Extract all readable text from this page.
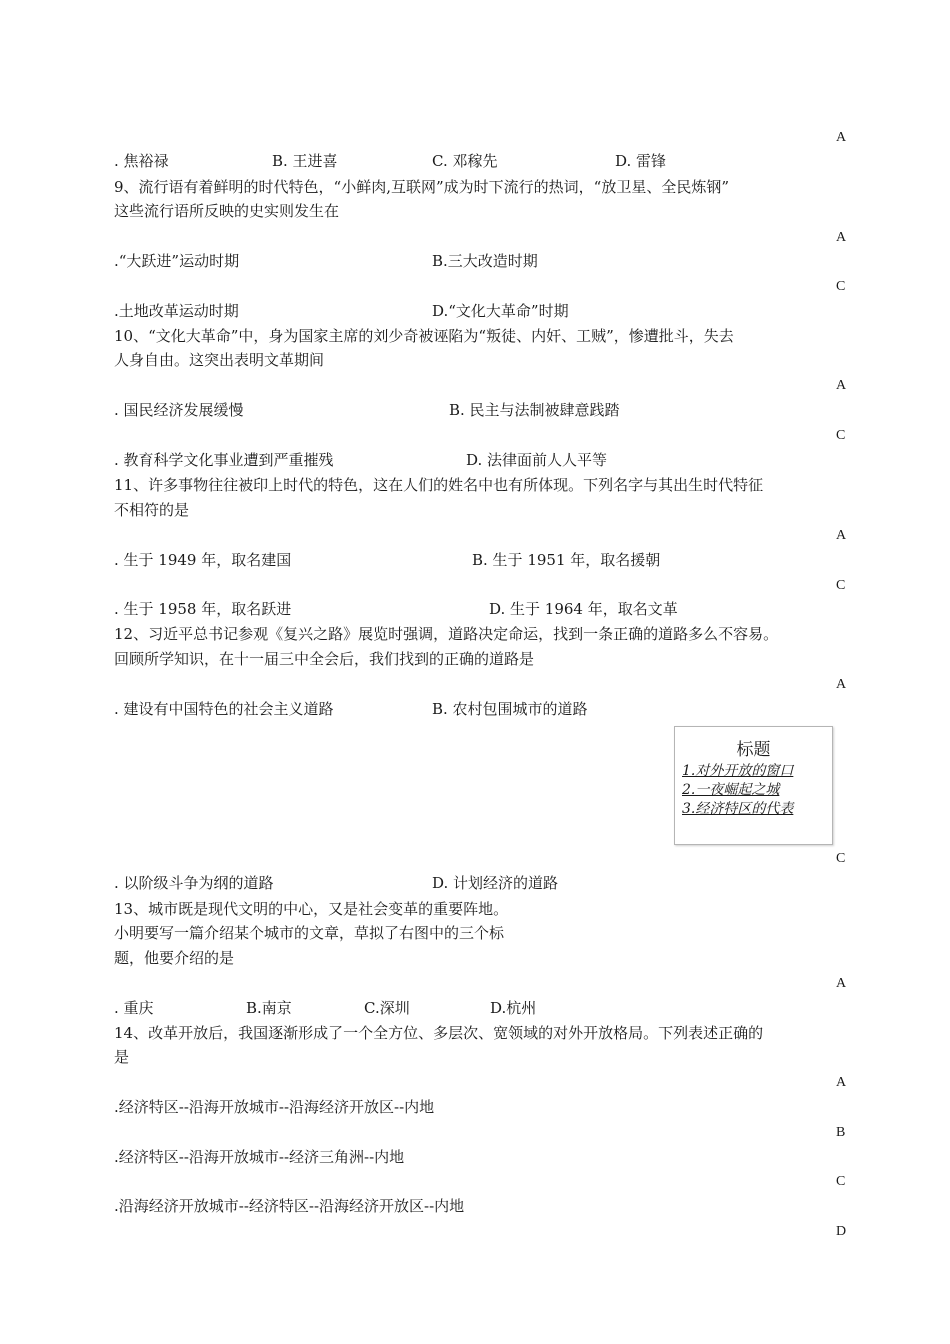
A
A
C
A
C
A
C
A
C
A
A
B
C
D
. 焦裕禄	B. 王进喜	C. 邓稼先	D. 雷锋
9、流行语有着鲜明的时代特色，“小鲜肉,互联网”成为时下流行的热词，“放卫星、全民炼钢”
这些流行语所反映的史实则发生在
.“大跃进”运动时期	B.三大改造时期
.土地改革运动时期	D.“文化大革命”时期
10、“文化大革命”中，身为国家主席的刘少奇被诬陷为“叛徒、内奸、工贼”，惨遭批斗，失去
人身自由。这突出表明文革期间
. 国民经济发展缓慢	B. 民主与法制被肆意践踏
. 教育科学文化事业遭到严重摧残	D. 法律面前人人平等
11、许多事物往往被印上时代的特色，这在人们的姓名中也有所体现。下列名字与其出生时代特征
不相符的是
. 生于 1949 年，取名建国	B. 生于 1951 年，取名援朝
. 生于 1958 年，取名跃进	D. 生于 1964 年，取名文革
12、习近平总书记参观《复兴之路》展览时强调，道路决定命运，找到一条正确的道路多么不容易。
回顾所学知识，在十一届三中全会后，我们找到的正确的道路是
. 建设有中国特色的社会主义道路	B. 农村包围城市的道路
标题
1.对外开放的窗口
2.一夜崛起之城
3.经济特区的代表
. 以阶级斗争为纲的道路	D. 计划经济的道路
13、城市既是现代文明的中心，又是社会变革的重要阵地。
小明要写一篇介绍某个城市的文章，草拟了右图中的三个标
题，他要介绍的是
. 重庆	B.南京	C.深圳	D.杭州
14、改革开放后，我国逐渐形成了一个全方位、多层次、宽领域的对外开放格局。下列表述正确的
是
.经济特区--沿海开放城市--沿海经济开放区--内地
.经济特区--沿海开放城市--经济三角洲--内地
.沿海经济开放城市--经济特区--沿海经济开放区--内地
